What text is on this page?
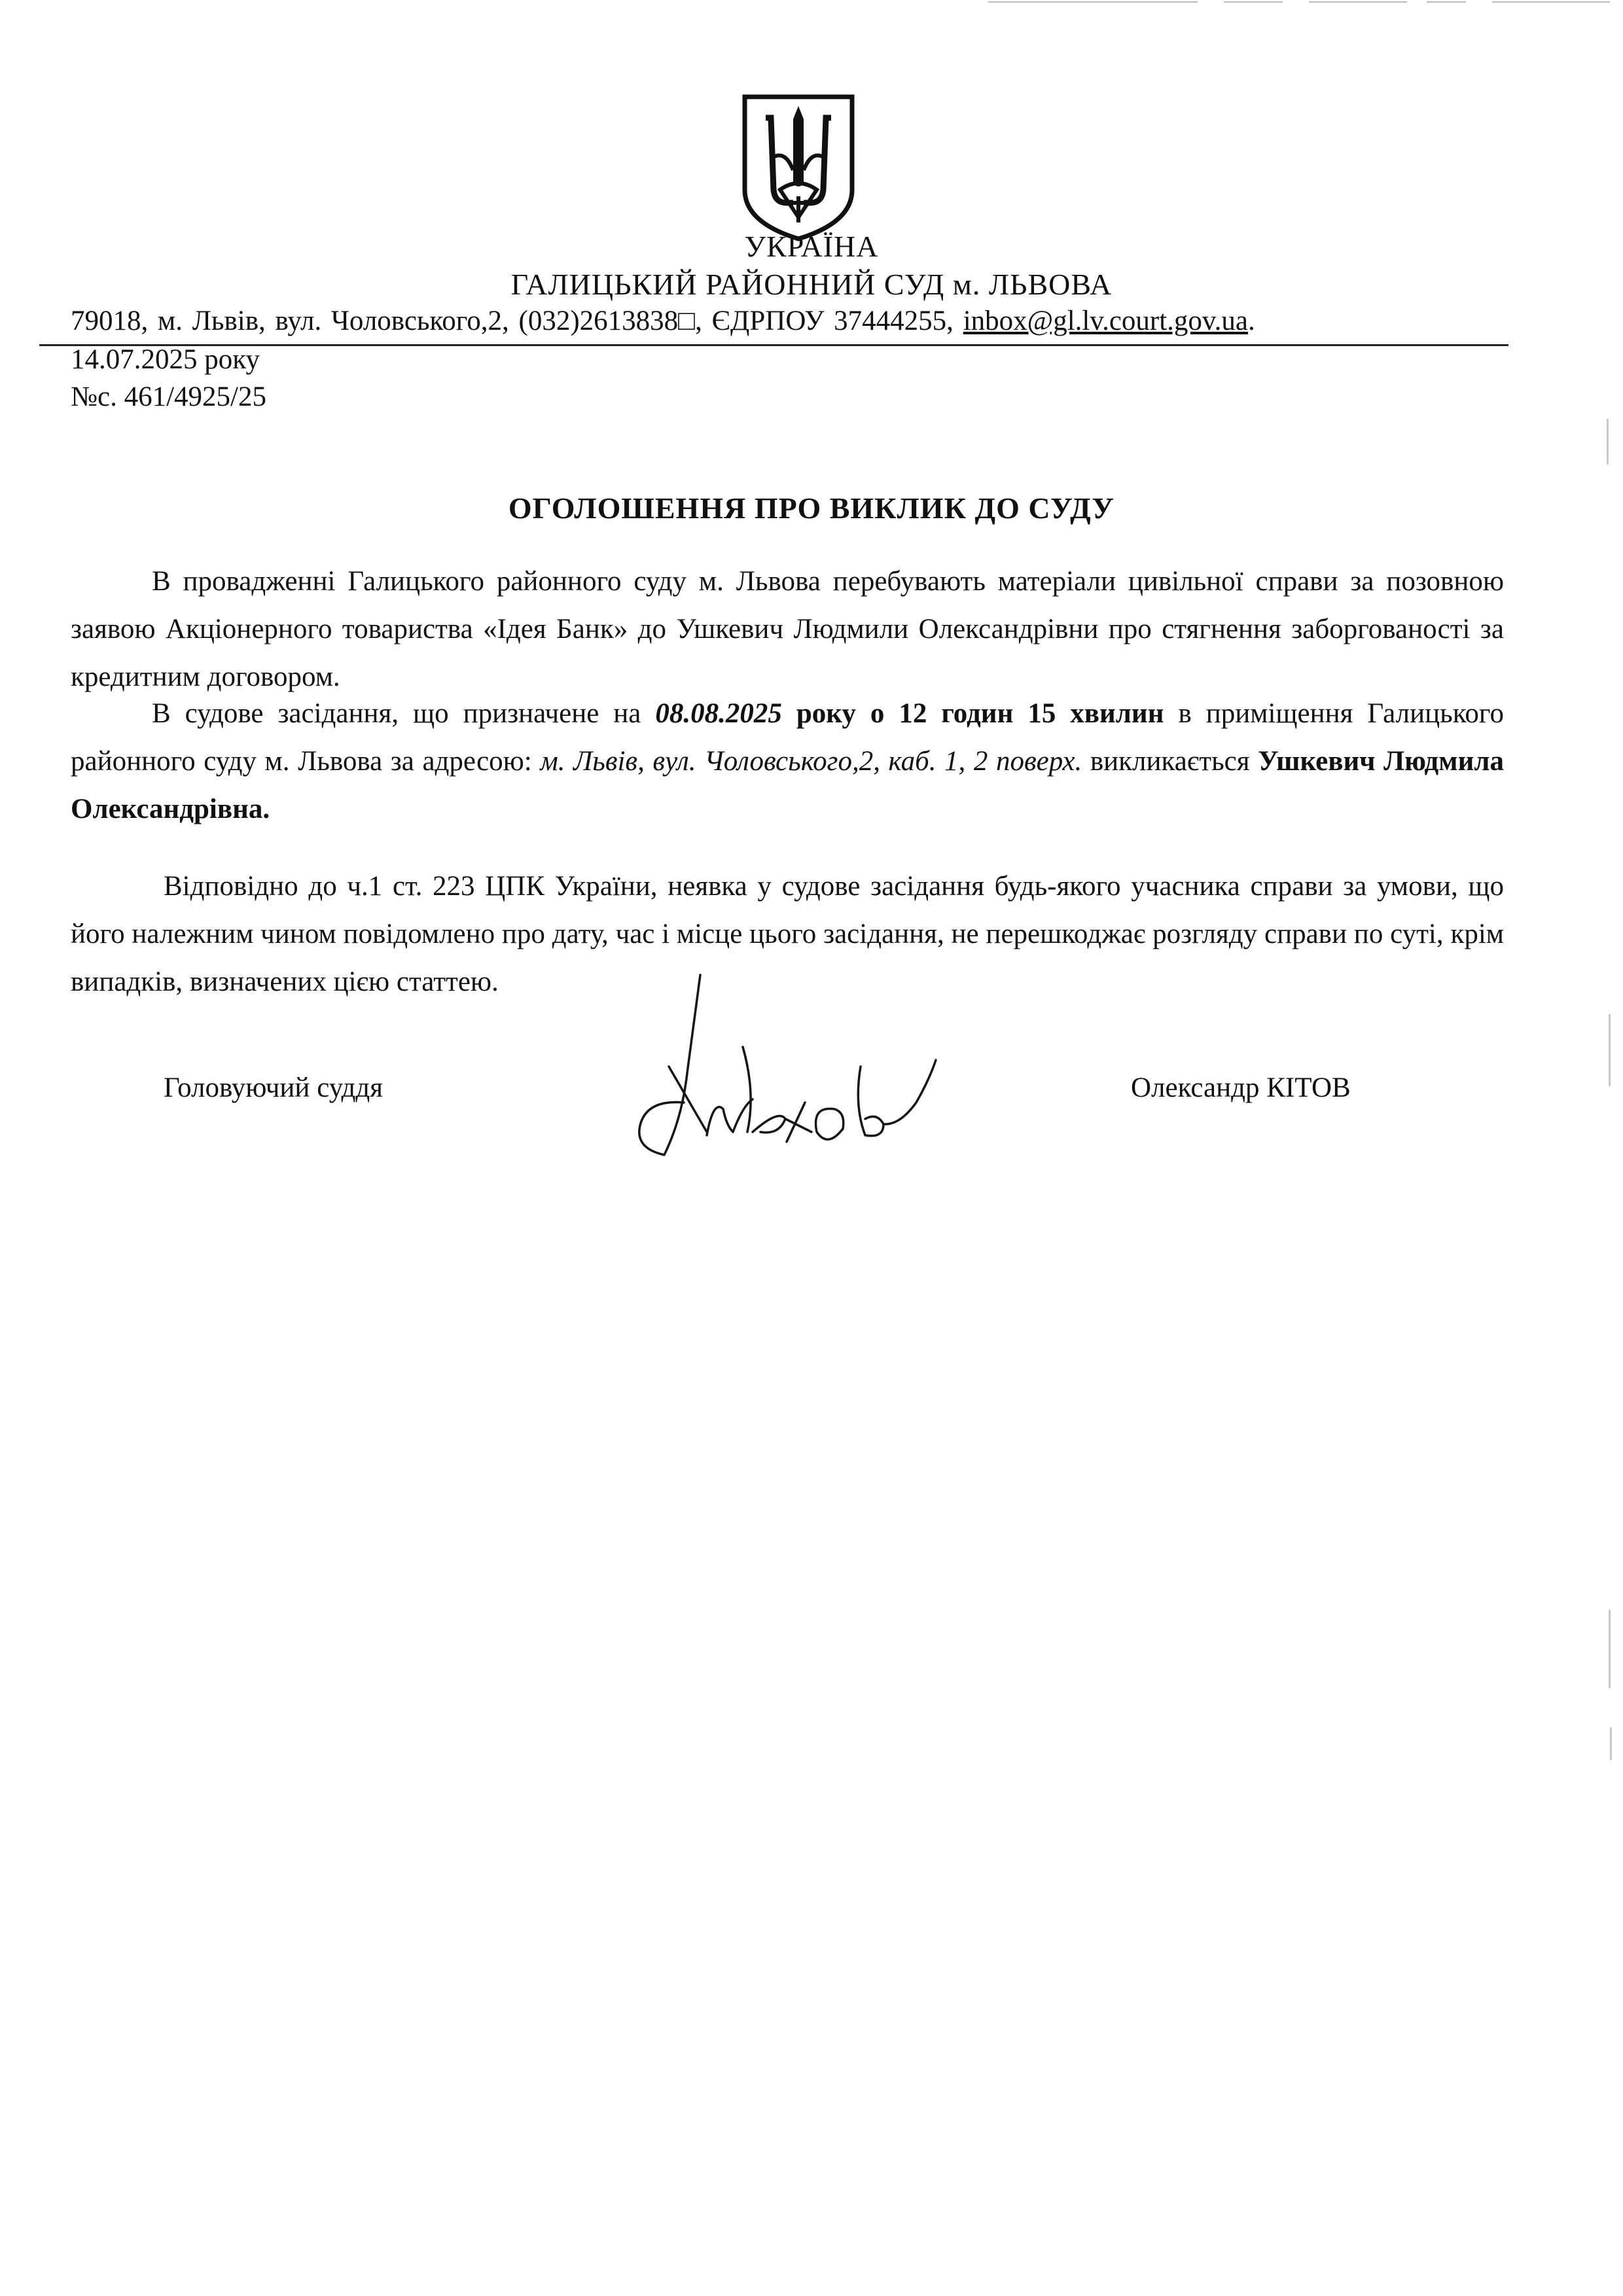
УКРАЇНА
ГАЛИЦЬКИЙ РАЙОННИЙ СУД м. ЛЬВОВА
79018, м. Львів, вул. Чоловського,2, (032)2613838□, ЄДРПОУ 37444255, inbox@gl.lv.court.gov.ua.
14.07.2025 року
№с. 461/4925/25
ОГОЛОШЕННЯ ПРО ВИКЛИК ДО СУДУ
В провадженні Галицького районного суду м. Львова перебувають матеріали цивільної справи за позовною заявою Акціонерного товариства «Ідея Банк» до Ушкевич Людмили Олександрівни про стягнення заборгованості за кредитним договором.
В судове засідання, що призначене на 08.08.2025 року о 12 годин 15 хвилин в приміщення Галицького районного суду м. Львова за адресою: м. Львів, вул. Чоловського,2, каб. 1, 2 поверх. викликається Ушкевич Людмила Олександрівна.
Відповідно до ч.1 ст. 223 ЦПК України, неявка у судове засідання будь-якого учасника справи за умови, що його належним чином повідомлено про дату, час і місце цього засідання, не перешкоджає розгляду справи по суті, крім випадків, визначених цією статтею.
Головуючий суддя	Олександр КІТОВ
